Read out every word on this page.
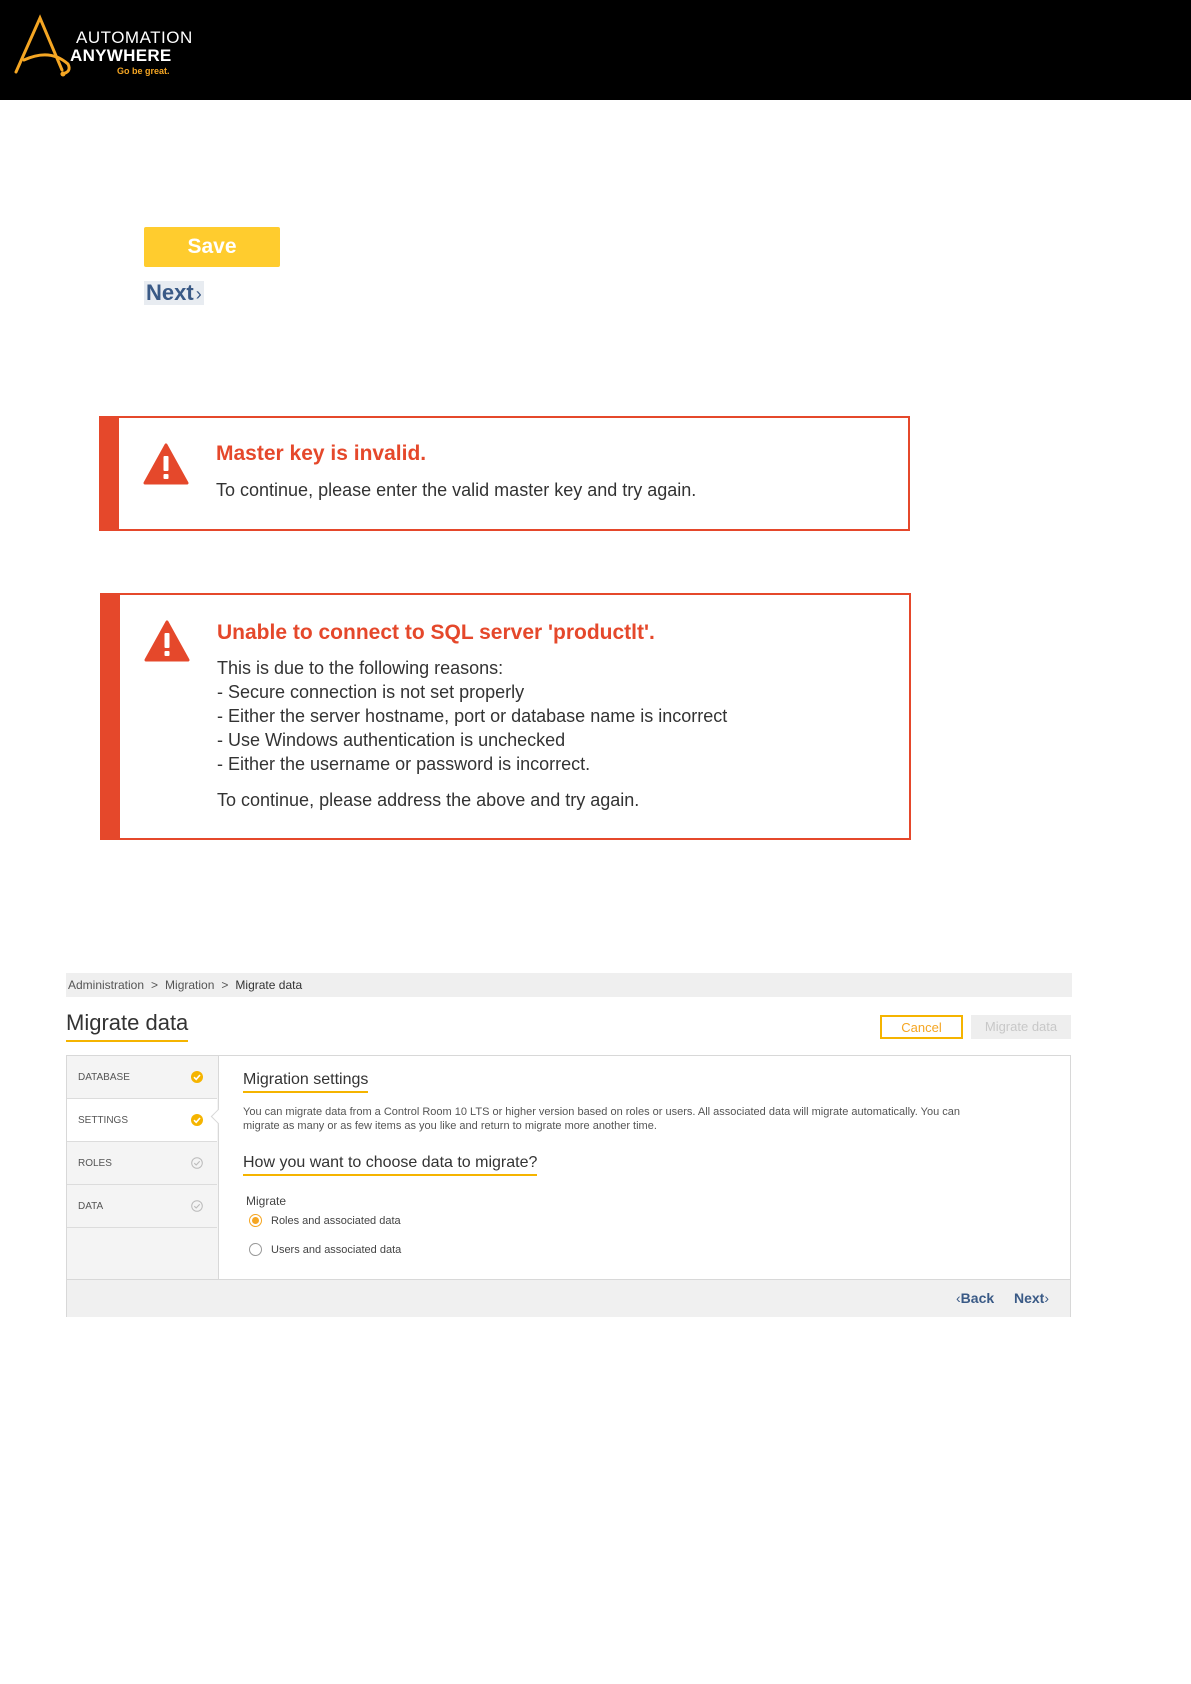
AUTOMATION
ANYWHERE
Go be great.
Save
Next ›
Master key is invalid.
To continue, please enter the valid master key and try again.
Unable to connect to SQL server 'productlt'.
This is due to the following reasons:
- Secure connection is not set properly
- Either the server hostname, port or database name is incorrect
- Use Windows authentication is unchecked
- Either the username or password is incorrect.
To continue, please address the above and try again.
Administration > Migration > Migrate data
Migrate data	Cancel	Migrate data
DATABASE
SETTINGS
ROLES
DATA
Migration settings
You can migrate data from a Control Room 10 LTS or higher version based on roles or users. All associated data will migrate automatically. You can migrate as many or as few items as you like and return to migrate more another time.
How you want to choose data to migrate?
Migrate
Roles and associated data
Users and associated data
‹Back Next›
